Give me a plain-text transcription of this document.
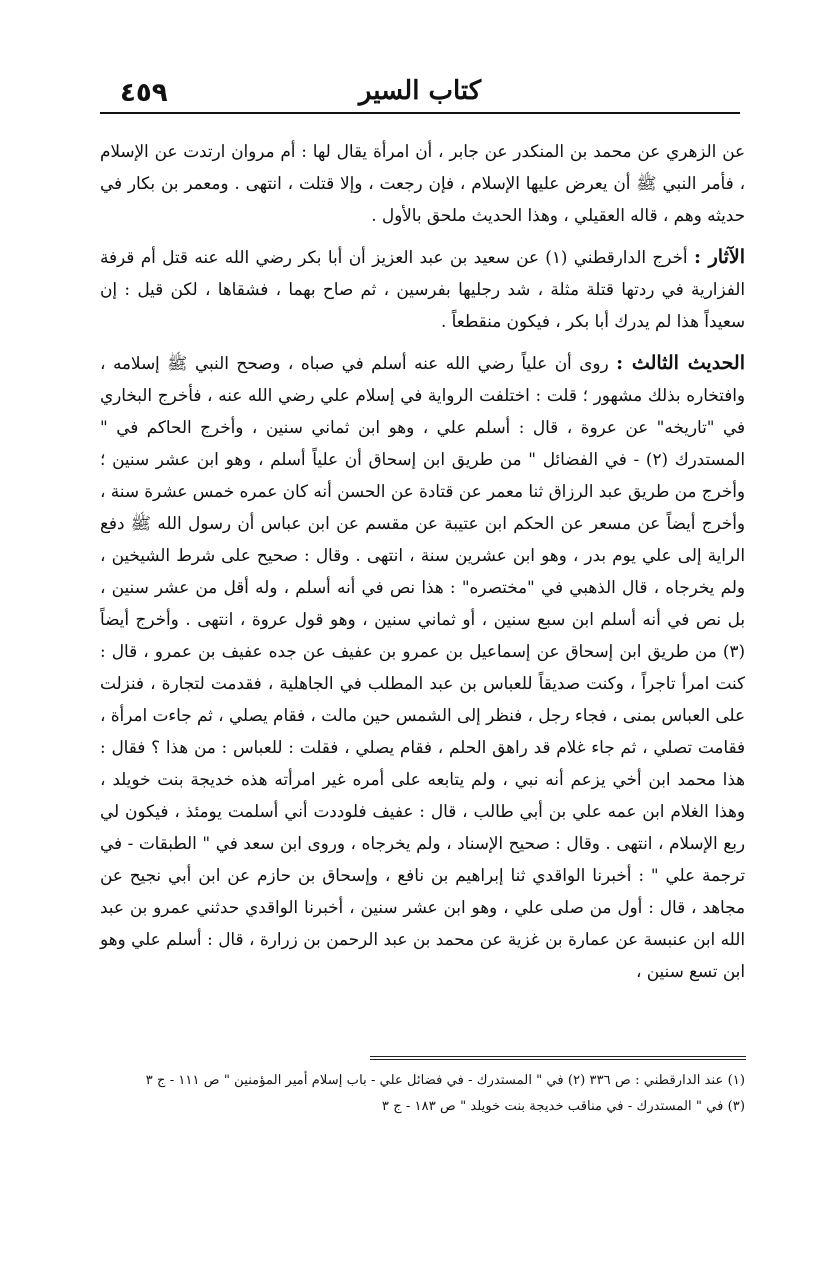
٤٥٩	كتاب السير

عن الزهري عن محمد بن المنكدر عن جابر ، أن امرأة يقال لها : أم مروان ارتدت عن الإسلام ، فأمر النبي ﷺ أن يعرض عليها الإسلام ، فإن رجعت ، وإلا قتلت ، انتهى . ومعمر بن بكار في حديثه وهم ، قاله العقيلي ، وهذا الحديث ملحق بالأول .

الآثار : أخرج الدارقطني (١) عن سعيد بن عبد العزيز أن أبا بكر رضي الله عنه قتل أم قرفة الفزارية في ردتها قتلة مثلة ، شد رجليها بفرسين ، ثم صاح بهما ، فشقاها ، لكن قيل : إن سعيداً هذا لم يدرك أبا بكر ، فيكون منقطعاً .

الحديث الثالث : روى أن علياً رضي الله عنه أسلم في صباه ، وصحح النبي ﷺ إسلامه ، وافتخاره بذلك مشهور ؛ قلت : اختلفت الرواية في إسلام علي رضي الله عنه ، فأخرج البخاري في "تاريخه" عن عروة ، قال : أسلم علي ، وهو ابن ثماني سنين ، وأخرج الحاكم في " المستدرك (٢) - في الفضائل " من طريق ابن إسحاق أن علياً أسلم ، وهو ابن عشر سنين ؛ وأخرج من طريق عبد الرزاق ثنا معمر عن قتادة عن الحسن أنه كان عمره خمس عشرة سنة ، وأخرج أيضاً عن مسعر عن الحكم ابن عتيبة عن مقسم عن ابن عباس أن رسول الله ﷺ دفع الراية إلى علي يوم بدر ، وهو ابن عشرين سنة ، انتهى . وقال : صحيح على شرط الشيخين ، ولم يخرجاه ، قال الذهبي في "مختصره" : هذا نص في أنه أسلم ، وله أقل من عشر سنين ، بل نص في أنه أسلم ابن سبع سنين ، أو ثماني سنين ، وهو قول عروة ، انتهى . وأخرج أيضاً (٣) من طريق ابن إسحاق عن إسماعيل بن عمرو بن عفيف عن جده عفيف بن عمرو ، قال : كنت امرأ تاجراً ، وكنت صديقاً للعباس بن عبد المطلب في الجاهلية ، فقدمت لتجارة ، فنزلت على العباس بمنى ، فجاء رجل ، فنظر إلى الشمس حين مالت ، فقام يصلي ، ثم جاءت امرأة ، فقامت تصلي ، ثم جاء غلام قد راهق الحلم ، فقام يصلي ، فقلت : للعباس : من هذا ؟ فقال : هذا محمد ابن أخي يزعم أنه نبي ، ولم يتابعه على أمره غير امرأته هذه خديجة بنت خويلد ، وهذا الغلام ابن عمه علي بن أبي طالب ، قال : عفيف فلوددت أني أسلمت يومئذ ، فيكون لي ربع الإسلام ، انتهى . وقال : صحيح الإسناد ، ولم يخرجاه ، وروى ابن سعد في " الطبقات - في ترجمة علي " : أخبرنا الواقدي ثنا إبراهيم بن نافع ، وإسحاق بن حازم عن ابن أبي نجيح عن مجاهد ، قال : أول من صلى علي ، وهو ابن عشر سنين ، أخبرنا الواقدي حدثني عمرو بن عبد الله ابن عنبسة عن عمارة بن غزية عن محمد بن عبد الرحمن بن زرارة ، قال : أسلم علي وهو ابن تسع سنين ،

(١) عند الدارقطني : ص ٣٣٦ (٢) في " المستدرك - في فضائل علي - باب إسلام أمير المؤمنين " ص ١١١ - ج ٣

(٣) في " المستدرك - في مناقب خديجة بنت خويلد " ص ١٨٣ - ج ٣
